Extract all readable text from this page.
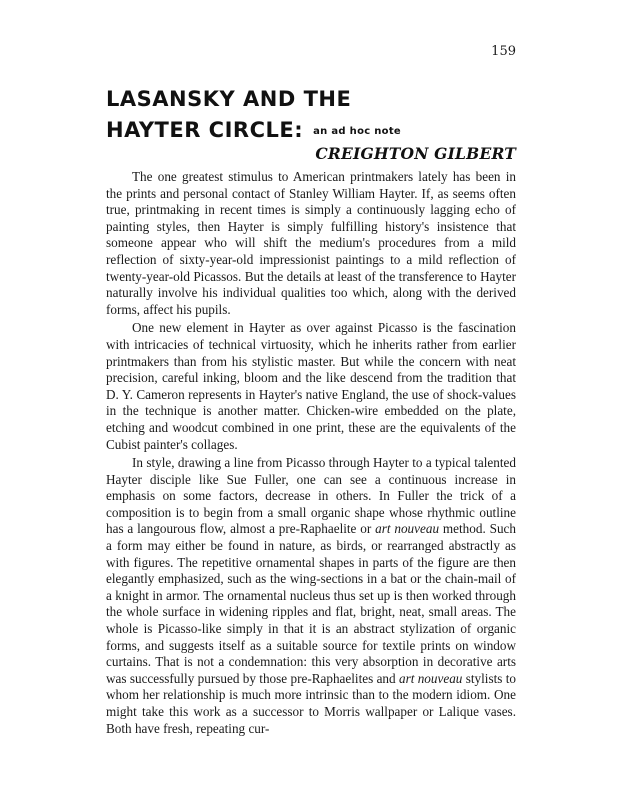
159
LASANSKY AND THE
HAYTER CIRCLE: an ad hoc note
CREIGHTON GILBERT

The one greatest stimulus to American printmakers lately has been in the prints and personal contact of Stanley William Hayter. If, as seems often true, printmaking in recent times is simply a continuously lagging echo of painting styles, then Hayter is simply fulfilling history's insistence that someone appear who will shift the medium's procedures from a mild reflection of sixty-year-old impressionist paintings to a mild reflection of twenty-year-old Picassos. But the details at least of the transference to Hayter naturally involve his individual qualities too which, along with the derived forms, affect his pupils.

One new element in Hayter as over against Picasso is the fascination with intricacies of technical virtuosity, which he inherits rather from earlier printmakers than from his stylistic master. But while the concern with neat precision, careful inking, bloom and the like descend from the tradition that D. Y. Cameron represents in Hayter's native England, the use of shock-values in the technique is another matter. Chicken-wire embedded on the plate, etching and woodcut combined in one print, these are the equivalents of the Cubist painter's collages.

In style, drawing a line from Picasso through Hayter to a typical talented Hayter disciple like Sue Fuller, one can see a continuous increase in emphasis on some factors, decrease in others. In Fuller the trick of a composition is to begin from a small organic shape whose rhythmic outline has a langourous flow, almost a pre-Raphaelite or art nouveau method. Such a form may either be found in nature, as birds, or rearranged abstractly as with figures. The repetitive ornamental shapes in parts of the figure are then elegantly emphasized, such as the wing-sections in a bat or the chain-mail of a knight in armor. The ornamental nucleus thus set up is then worked through the whole surface in widening ripples and flat, bright, neat, small areas. The whole is Picasso-like simply in that it is an abstract stylization of organic forms, and suggests itself as a suitable source for textile prints on window curtains. That is not a condemnation: this very absorption in decorative arts was successfully pursued by those pre-Raphaelites and art nouveau stylists to whom her relationship is much more intrinsic than to the modern idiom. One might take this work as a successor to Morris wallpaper or Lalique vases. Both have fresh, repeating cur-
